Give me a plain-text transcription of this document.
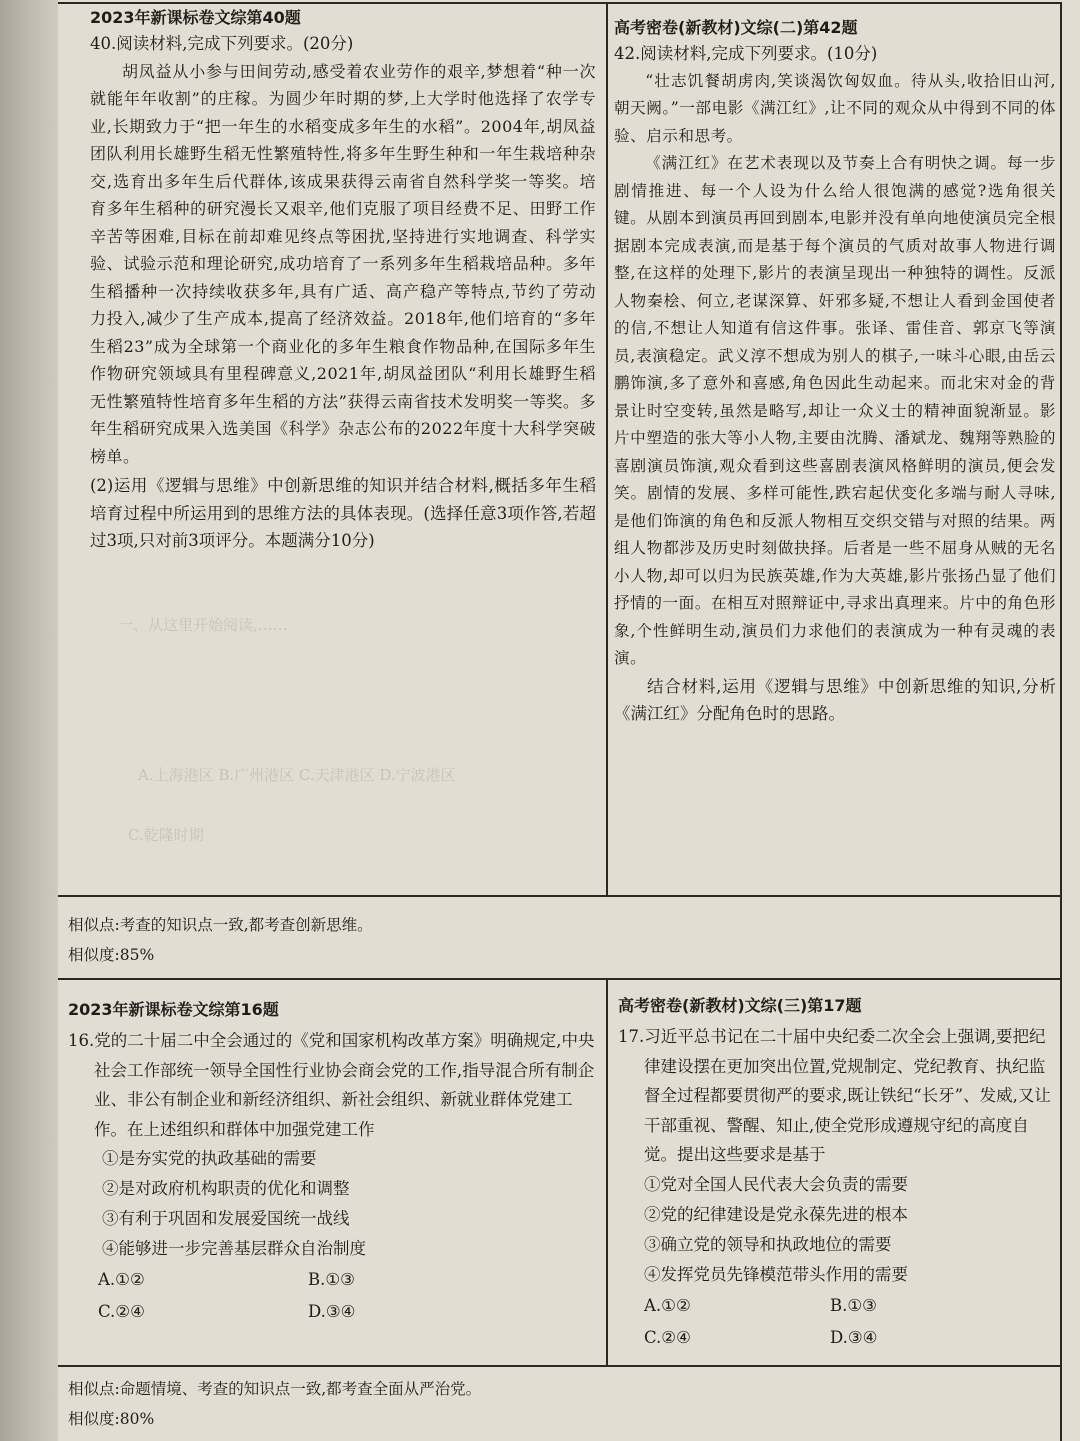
一、从这里开始阅读,……
A.上海港区 B.广州港区 C.天津港区 D.宁波港区
C.乾隆时期
2023年新课标卷文综第40题

40.阅读材料,完成下列要求。(20分)

胡凤益从小参与田间劳动,感受着农业劳作的艰辛,梦想着“种一次就能年年收割”的庄稼。为圆少年时期的梦,上大学时他选择了农学专业,长期致力于“把一年生的水稻变成多年生的水稻”。2004年,胡凤益团队利用长雄野生稻无性繁殖特性,将多年生野生种和一年生栽培种杂交,选育出多年生后代群体,该成果获得云南省自然科学奖一等奖。培育多年生稻种的研究漫长又艰辛,他们克服了项目经费不足、田野工作辛苦等困难,目标在前却难见终点等困扰,坚持进行实地调查、科学实验、试验示范和理论研究,成功培育了一系列多年生稻栽培品种。多年生稻播种一次持续收获多年,具有广适、高产稳产等特点,节约了劳动力投入,减少了生产成本,提高了经济效益。2018年,他们培育的“多年生稻23”成为全球第一个商业化的多年生粮食作物品种,在国际多年生作物研究领域具有里程碑意义,2021年,胡凤益团队“利用长雄野生稻无性繁殖特性培育多年生稻的方法”获得云南省技术发明奖一等奖。多年生稻研究成果入选美国《科学》杂志公布的2022年度十大科学突破榜单。

(2)运用《逻辑与思维》中创新思维的知识并结合材料,概括多年生稻培育过程中所运用到的思维方法的具体表现。(选择任意3项作答,若超过3项,只对前3项评分。本题满分10分)

高考密卷(新教材)文综(二)第42题

42.阅读材料,完成下列要求。(10分)

“壮志饥餐胡虏肉,笑谈渴饮匈奴血。待从头,收拾旧山河,朝天阙。”一部电影《满江红》,让不同的观众从中得到不同的体验、启示和思考。

《满江红》在艺术表现以及节奏上合有明快之调。每一步剧情推进、每一个人设为什么给人很饱满的感觉?选角很关键。从剧本到演员再回到剧本,电影并没有单向地使演员完全根据剧本完成表演,而是基于每个演员的气质对故事人物进行调整,在这样的处理下,影片的表演呈现出一种独特的调性。反派人物秦桧、何立,老谋深算、奸邪多疑,不想让人看到金国使者的信,不想让人知道有信这件事。张译、雷佳音、郭京飞等演员,表演稳定。武义淳不想成为别人的棋子,一味斗心眼,由岳云鹏饰演,多了意外和喜感,角色因此生动起来。而北宋对金的背景让时空变转,虽然是略写,却让一众义士的精神面貌渐显。影片中塑造的张大等小人物,主要由沈腾、潘斌龙、魏翔等熟脸的喜剧演员饰演,观众看到这些喜剧表演风格鲜明的演员,便会发笑。剧情的发展、多样可能性,跌宕起伏变化多端与耐人寻味,是他们饰演的角色和反派人物相互交织交错与对照的结果。两组人物都涉及历史时刻做抉择。后者是一些不屈身从贼的无名小人物,却可以归为民族英雄,作为大英雄,影片张扬凸显了他们抒情的一面。在相互对照辩证中,寻求出真理来。片中的角色形象,个性鲜明生动,演员们力求他们的表演成为一种有灵魂的表演。

结合材料,运用《逻辑与思维》中创新思维的知识,分析《满江红》分配角色时的思路。

相似点:考查的知识点一致,都考查创新思维。

相似度:85%

2023年新课标卷文综第16题

16.党的二十届二中全会通过的《党和国家机构改革方案》明确规定,中央社会工作部统一领导全国性行业协会商会党的工作,指导混合所有制企业、非公有制企业和新经济组织、新社会组织、新就业群体党建工作。在上述组织和群体中加强党建工作

①是夯实党的执政基础的需要

②是对政府机构职责的优化和调整

③有利于巩固和发展爱国统一战线

④能够进一步完善基层群众自治制度

A.①②	B.①③
C.②④	D.③④
高考密卷(新教材)文综(三)第17题

17.习近平总书记在二十届中央纪委二次全会上强调,要把纪律建设摆在更加突出位置,党规制定、党纪教育、执纪监督全过程都要贯彻严的要求,既让铁纪“长牙”、发威,又让干部重视、警醒、知止,使全党形成遵规守纪的高度自觉。提出这些要求是基于

①党对全国人民代表大会负责的需要

②党的纪律建设是党永葆先进的根本

③确立党的领导和执政地位的需要

④发挥党员先锋模范带头作用的需要

A.①②	B.①③
C.②④	D.③④

相似点:命题情境、考查的知识点一致,都考查全面从严治党。

相似度:80%
